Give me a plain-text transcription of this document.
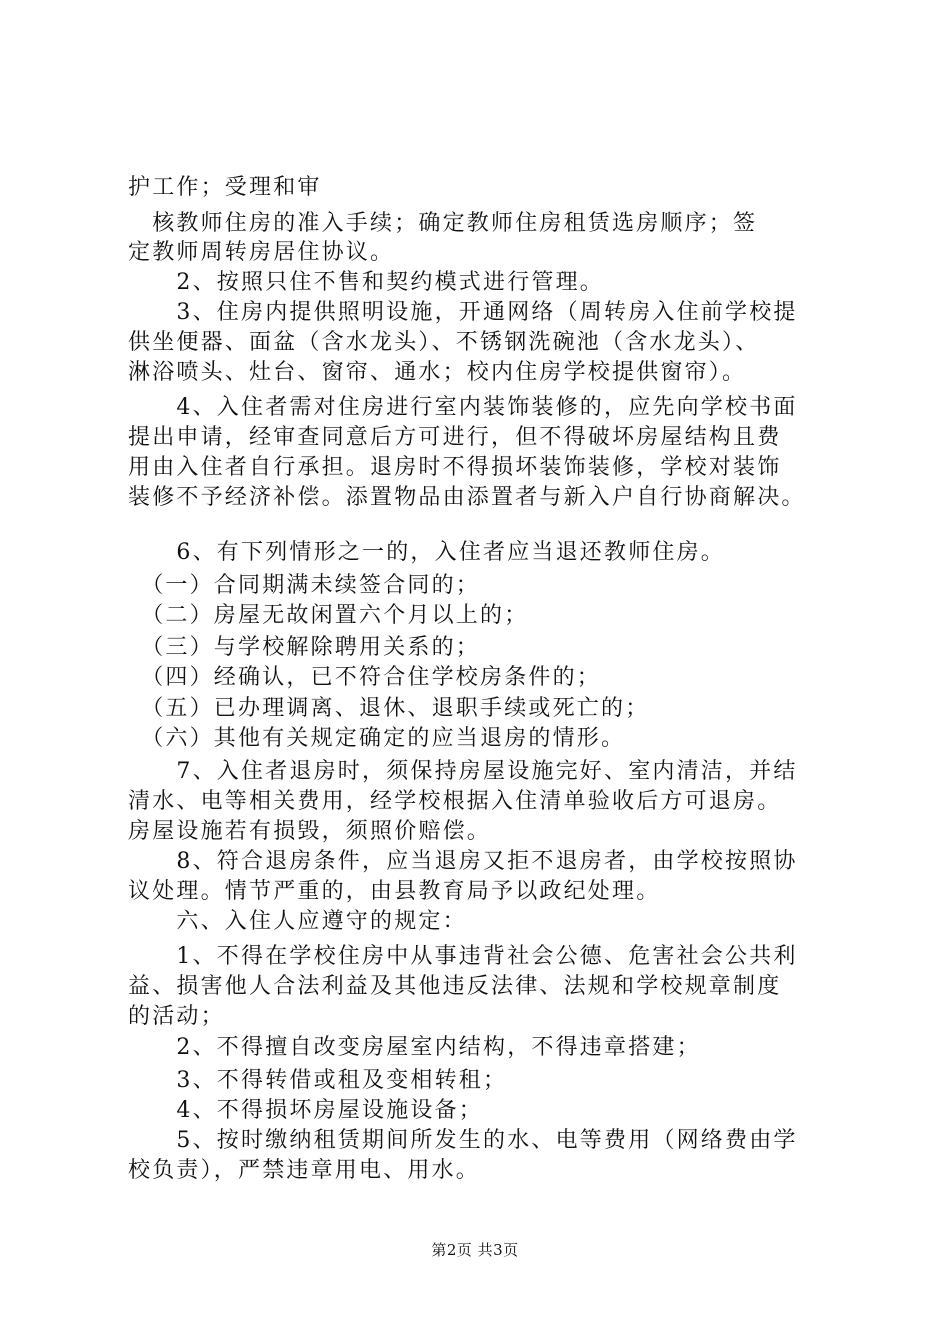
护工作；受理和审
　核教师住房的准入手续；确定教师住房租赁选房顺序；签
定教师周转房居住协议。
　　2、按照只住不售和契约模式进行管理。
　　3、住房内提供照明设施，开通网络（周转房入住前学校提
供坐便器、面盆（含水龙头）、不锈钢洗碗池（含水龙头）、
淋浴喷头、灶台、窗帘、通水；校内住房学校提供窗帘）。
　　4、入住者需对住房进行室内装饰装修的，应先向学校书面
提出申请，经审查同意后方可进行，但不得破坏房屋结构且费
用由入住者自行承担。退房时不得损坏装饰装修，学校对装饰
装修不予经济补偿。添置物品由添置者与新入户自行协商解决。
　　6、有下列情形之一的，入住者应当退还教师住房。
　（一）合同期满未续签合同的；
　（二）房屋无故闲置六个月以上的；
　（三）与学校解除聘用关系的；
　（四）经确认，已不符合住学校房条件的；
　（五）已办理调离、退休、退职手续或死亡的；
　（六）其他有关规定确定的应当退房的情形。
　　7、入住者退房时，须保持房屋设施完好、室内清洁，并结
清水、电等相关费用，经学校根据入住清单验收后方可退房。
房屋设施若有损毁，须照价赔偿。
　　8、符合退房条件，应当退房又拒不退房者，由学校按照协
议处理。情节严重的，由县教育局予以政纪处理。
　　六、入住人应遵守的规定：
　　1、不得在学校住房中从事违背社会公德、危害社会公共利
益、损害他人合法利益及其他违反法律、法规和学校规章制度
的活动；
　　2、不得擅自改变房屋室内结构，不得违章搭建；
　　3、不得转借或租及变相转租；
　　4、不得损坏房屋设施设备；
　　5、按时缴纳租赁期间所发生的水、电等费用（网络费由学
校负责），严禁违章用电、用水。
第2页 共3页
